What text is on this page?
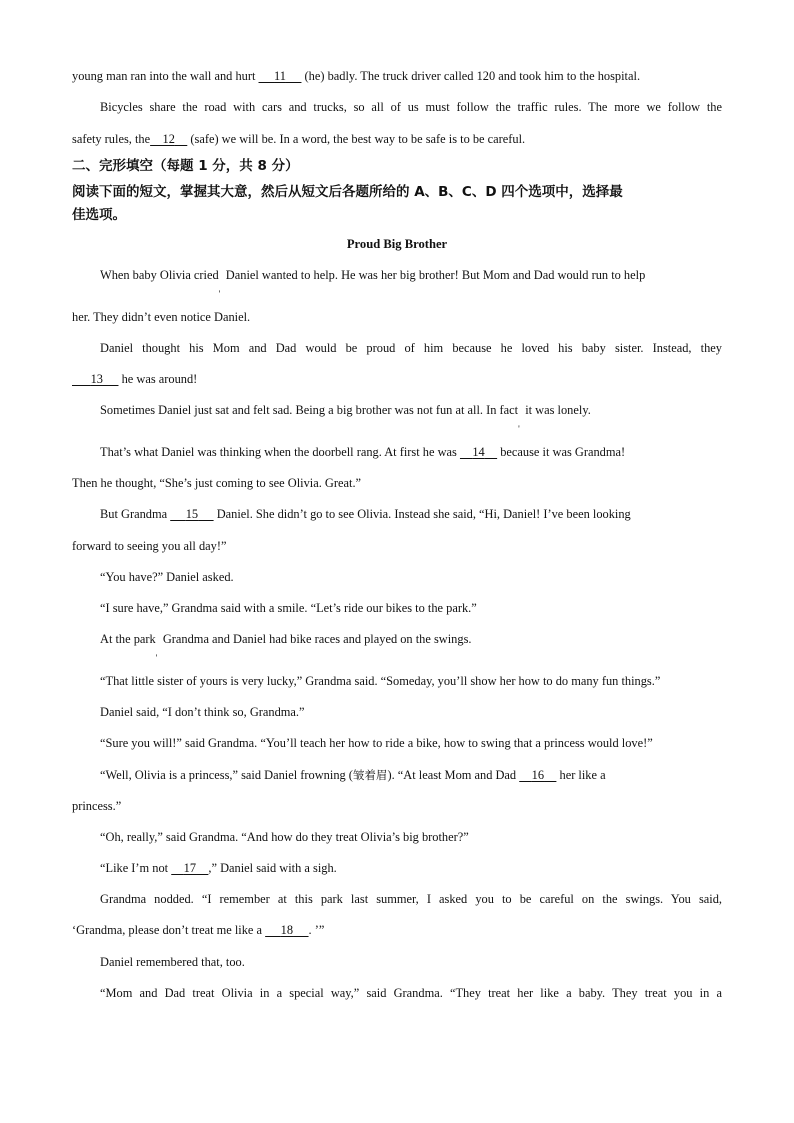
young man ran into the wall and hurt      11      (he) badly. The truck driver called 120 and took him to the hospital.
Bicycles share the road with cars and trucks, so all of us must follow the traffic rules. The more we follow the
safety rules, the 12     (safe) we will be. In a word, the best way to be safe is to be careful.
二、完形填空（每题 1 分，共 8 分）
阅读下面的短文，掌握其大意，然后从短文后各题所给的 A、B、C、D 四个选项中，选择最
佳选项。
Proud Big Brother
When baby Olivia cried Daniel wanted to help. He was her big brother! But Mom and Dad would run to help
her. They didn’t even notice Daniel.
Daniel thought his Mom and Dad would be proud of him because he loved his baby sister. Instead, they
13      he was around!
Sometimes Daniel just sat and felt sad. Being a big brother was not fun at all. In fact it was lonely.
That’s what Daniel was thinking when the doorbell rang. At first he was     14     because it was Grandma!
Then he thought, “She’s just coming to see Olivia. Great.”
But Grandma      15      Daniel. She didn’t go to see Olivia. Instead she said, “Hi, Daniel! I’ve been looking
forward to seeing you all day!”
“You have?” Daniel asked.
“I sure have,” Grandma said with a smile. “Let’s ride our bikes to the park.”
At the park Grandma and Daniel had bike races and played on the swings.
“That little sister of yours is very lucky,” Grandma said. “Someday, you’ll show her how to do many fun things.”
Daniel said, “I don’t think so, Grandma.”
“Sure you will!” said Grandma. “You’ll teach her how to ride a bike, how to swing that a princess would love!”
“Well, Olivia is a princess,” said Daniel frowning (皱着眉). “At least Mom and Dad     16     her like a
princess.”
“Oh, really,” said Grandma. “And how do they treat Olivia’s big brother?”
“Like I’m not     17 ,” Daniel said with a sigh.
Grandma nodded. “I remember at this park last summer, I asked you to be careful on the swings. You said,
‘Grandma, please don’t treat me like a      18 . ’”
Daniel remembered that, too.
“Mom and Dad treat Olivia in a special way,” said Grandma. “They treat her like a baby. They treat you in a
